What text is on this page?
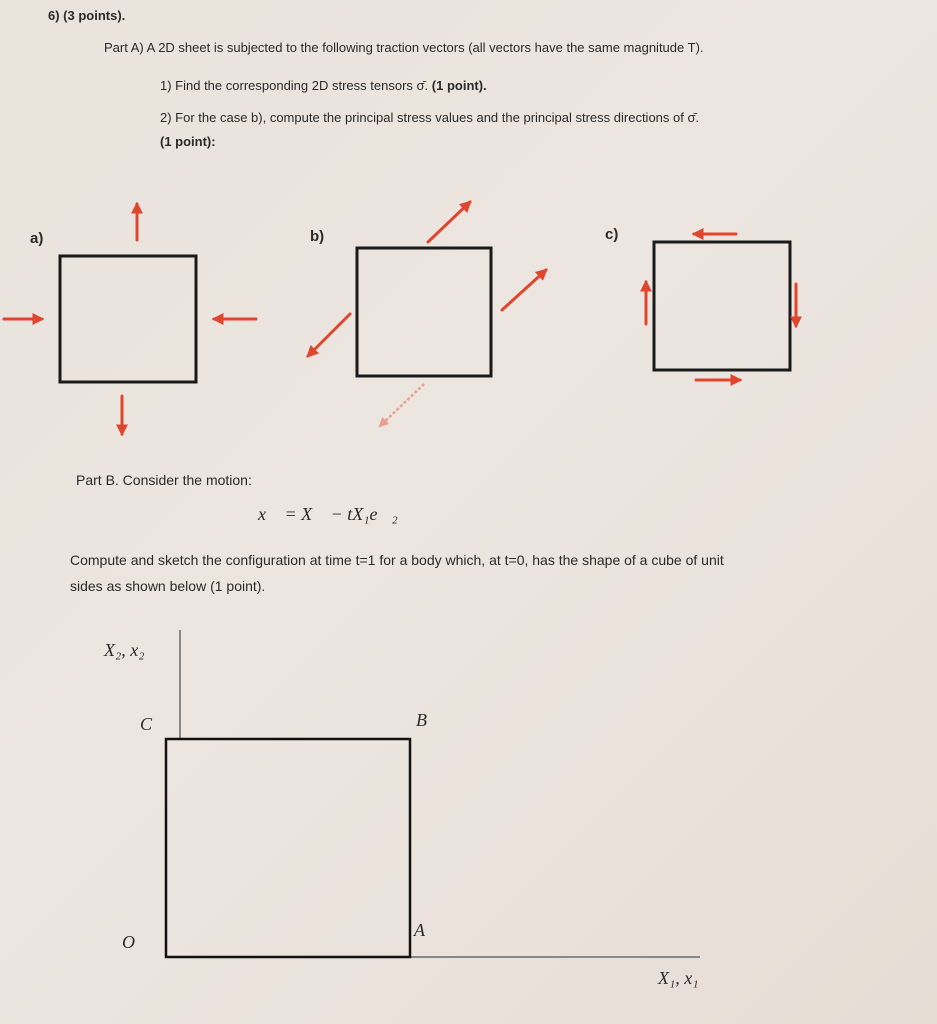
6) (3 points).
Part A) A 2D sheet is subjected to the following traction vectors (all vectors have the same magnitude T).
1) Find the corresponding 2D stress tensors σ̄. (1 point).
2) For the case b), compute the principal stress values and the principal stress directions of σ̄.
(1 point):
a)	b)	c)
Part B. Consider the motion:
x⃗ = X⃗ − tX₁e⃗₂
Compute and sketch the configuration at time t=1 for a body which, at t=0, has the shape of a cube of unit
sides as shown below (1 point).
X₂, x₂
X₁, x₁
C	B
A
O
